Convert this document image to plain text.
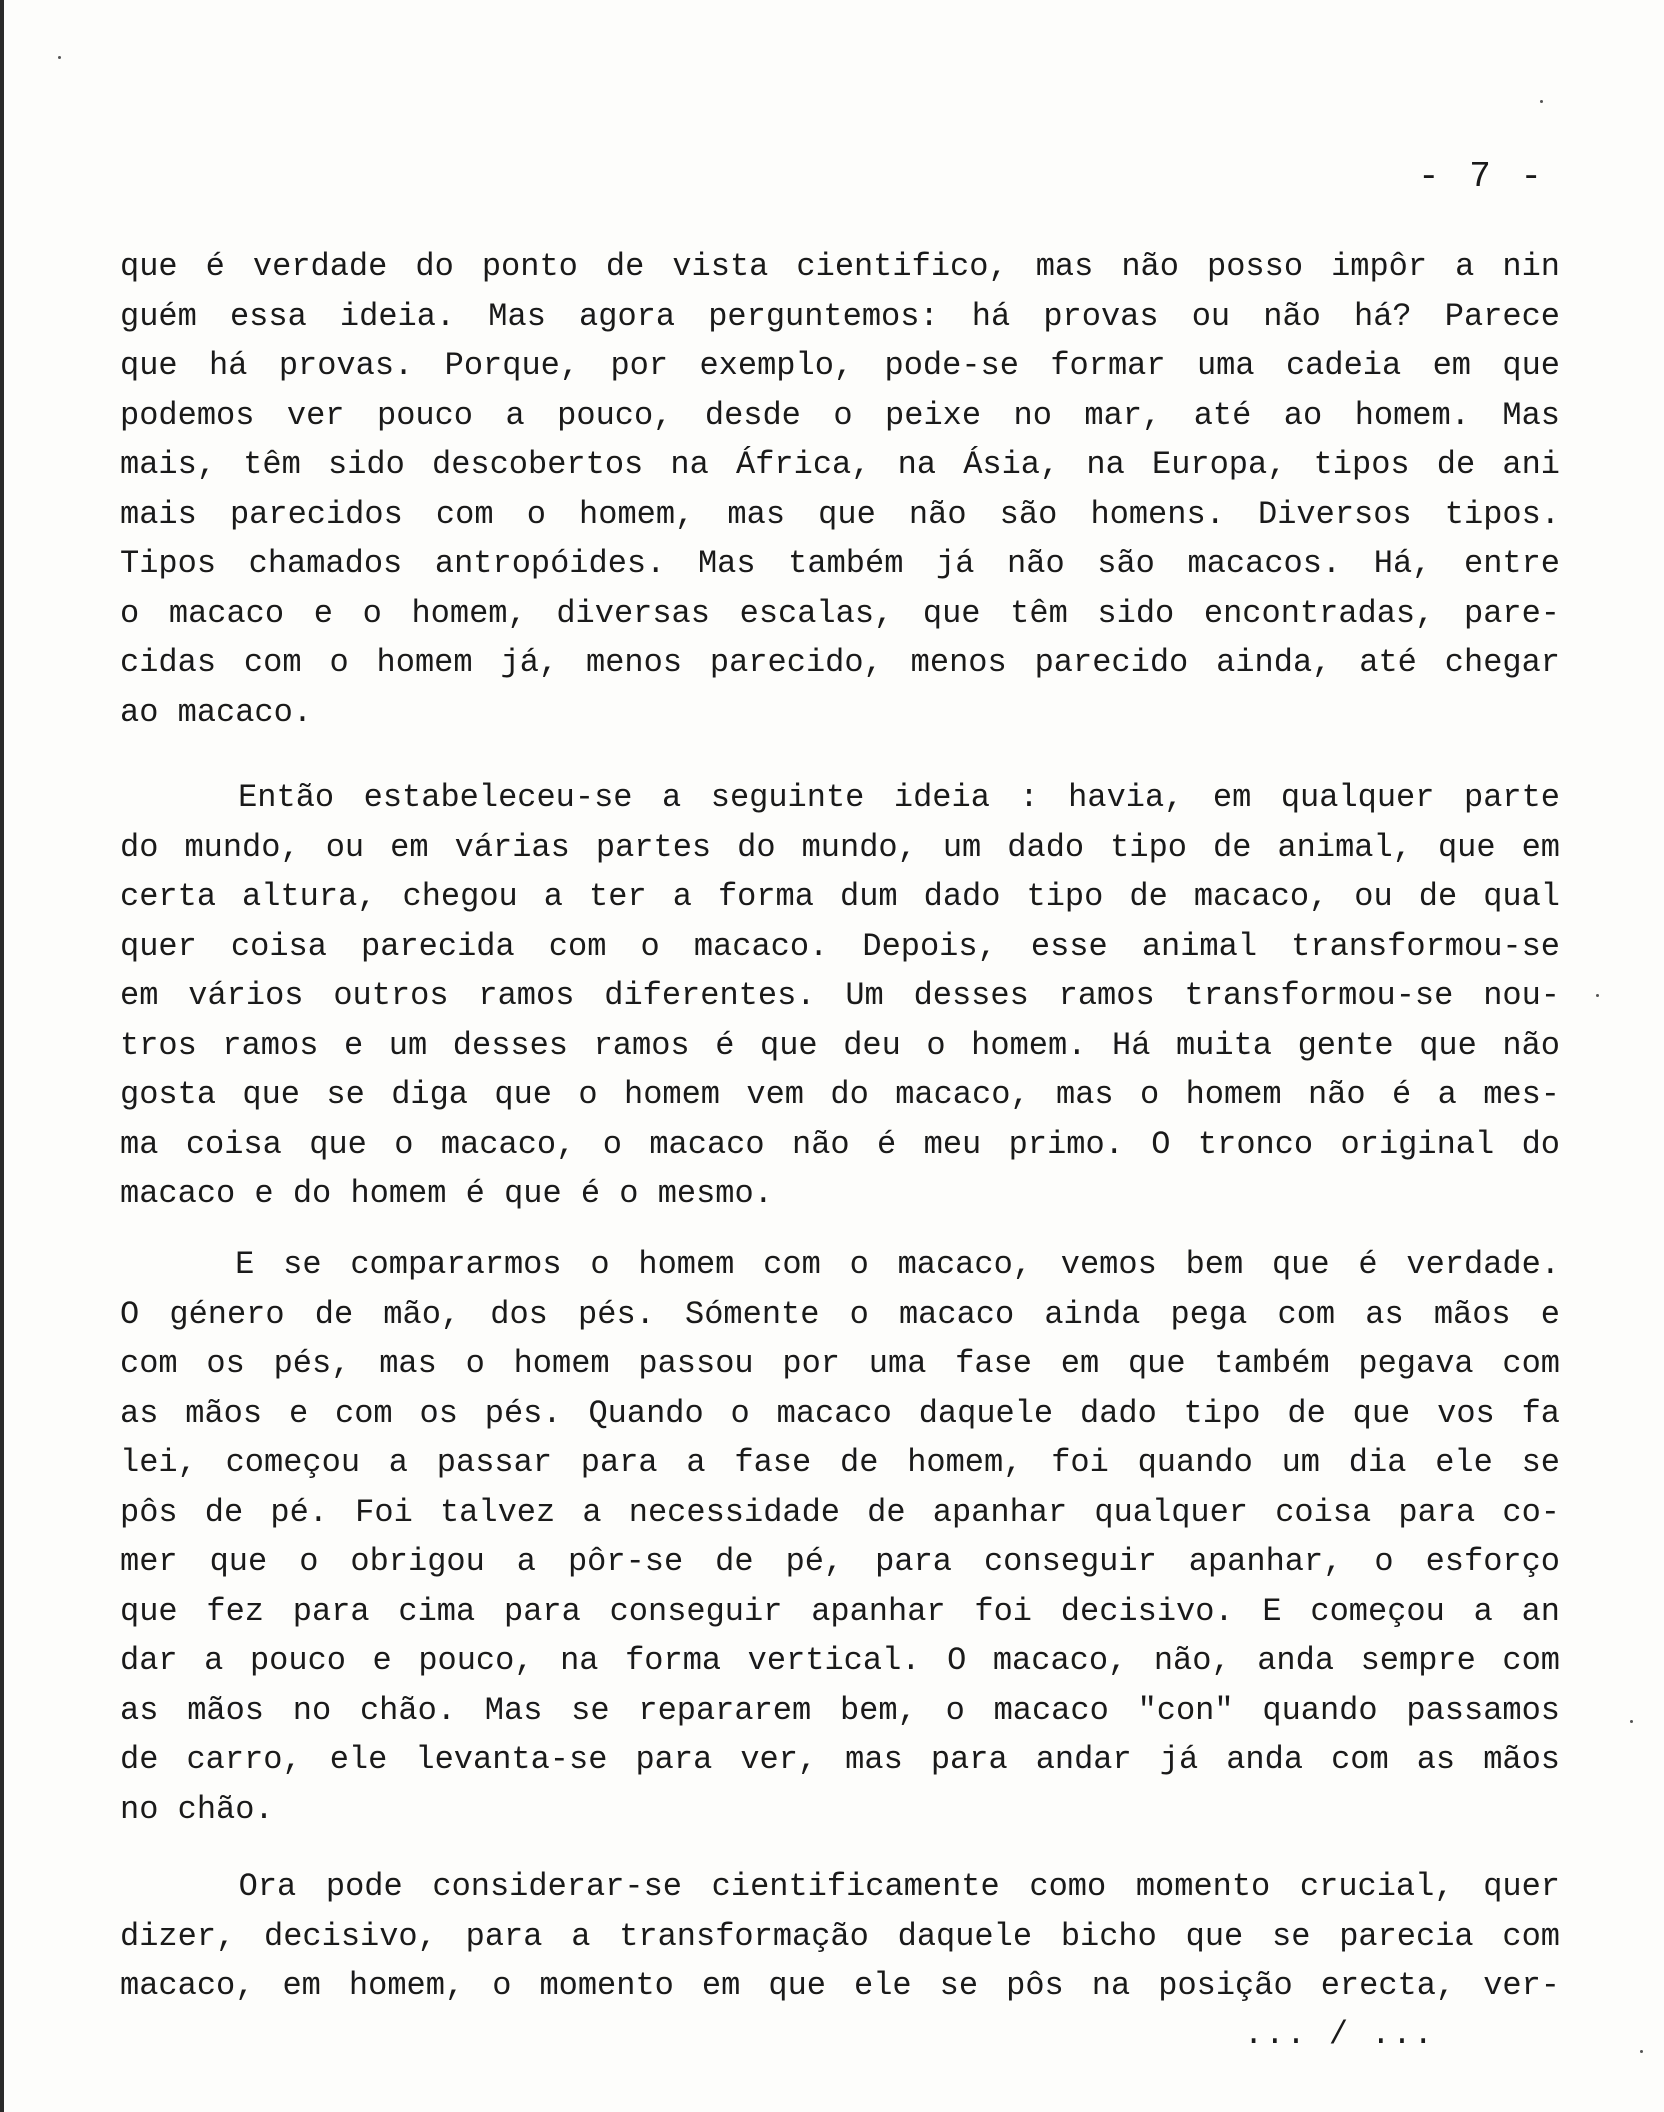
- 7 -
que é verdade do ponto de vista cientifico, mas não posso impôr a nin
guém essa ideia. Mas agora perguntemos: há provas ou não há? Parece
que há provas. Porque, por exemplo, pode-se formar uma cadeia em que
podemos ver pouco a pouco, desde o peixe no mar, até ao homem. Mas
mais, têm sido descobertos na África, na Ásia, na Europa, tipos de ani
mais parecidos com o homem, mas que não são homens. Diversos tipos.
Tipos chamados antropóides. Mas também já não são macacos. Há, entre
o macaco e o homem, diversas escalas, que têm sido encontradas, pare-
cidas com o homem já, menos parecido, menos parecido ainda, até chegar
ao macaco.
Então estabeleceu-se a seguinte ideia : havia, em qualquer parte
do mundo, ou em várias partes do mundo, um dado tipo de animal, que em
certa altura, chegou a ter a forma dum dado tipo de macaco, ou de qual
quer coisa parecida com o macaco. Depois, esse animal transformou-se
em vários outros ramos diferentes. Um desses ramos transformou-se nou-
tros ramos e um desses ramos é que deu o homem. Há muita gente que não
gosta que se diga que o homem vem do macaco, mas o homem não é a mes-
ma coisa que o macaco, o macaco não é meu primo. O tronco original do
macaco e do homem é que é o mesmo.
E se compararmos o homem com o macaco, vemos bem que é verdade.
O género de mão, dos pés. Sómente o macaco ainda pega com as mãos e
com os pés, mas o homem passou por uma fase em que também pegava com
as mãos e com os pés. Quando o macaco daquele dado tipo de que vos fa
lei, começou a passar para a fase de homem, foi quando um dia ele se
pôs de pé. Foi talvez a necessidade de apanhar qualquer coisa para co-
mer que o obrigou a pôr-se de pé, para conseguir apanhar, o esforço
que fez para cima para conseguir apanhar foi decisivo. E começou a an
dar a pouco e pouco, na forma vertical. O macaco, não, anda sempre com
as mãos no chão. Mas se repararem bem, o macaco "con" quando passamos
de carro, ele levanta-se para ver, mas para andar já anda com as mãos
no chão.
Ora pode considerar-se cientificamente como momento crucial, quer
dizer, decisivo, para a transformação daquele bicho que se parecia com
macaco, em homem, o momento em que ele se pôs na posição erecta, ver-
... / ...
